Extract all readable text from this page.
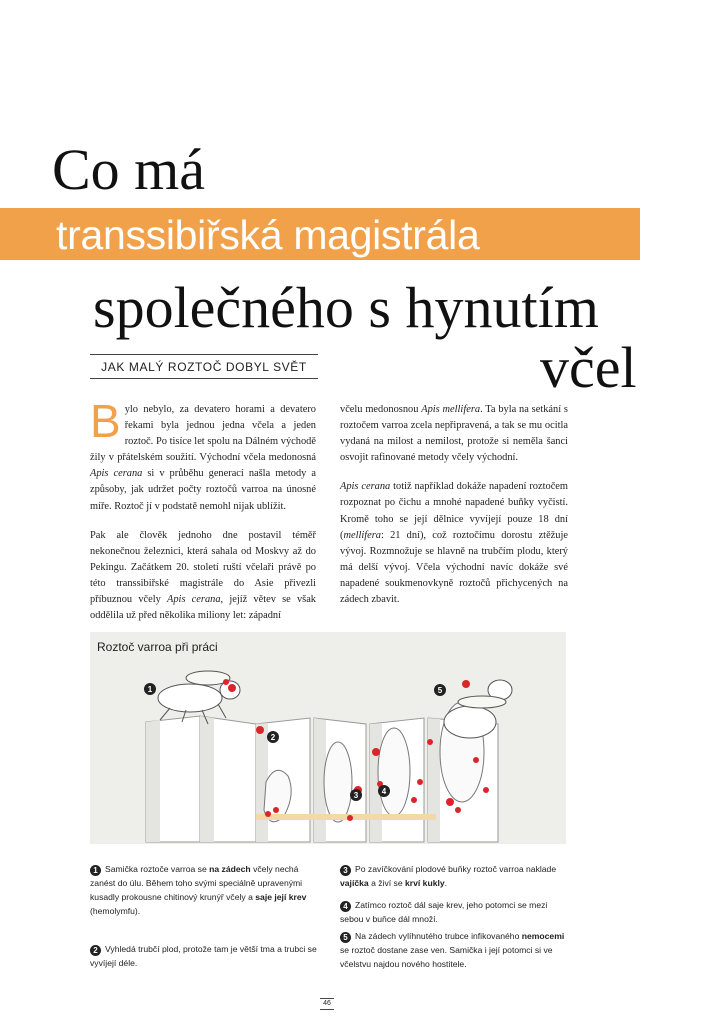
Co má
transsibiřská magistrála
společného s hynutím
včel
JAK MALÝ ROZTOČ DOBYL SVĚT

Bylo nebylo, za devatero horami a devatero řekami byla jednou jedna včela a jeden roztoč. Po tisíce let spolu na Dálném východě žily v přátelském soužití. Východní včela medonosná Apis cerana si v průběhu generací našla metody a způsoby, jak udržet počty roztočů varroa na únosné míře. Roztoč jí v podstatě nemohl nijak ublížit.

Pak ale člověk jednoho dne postavil téměř nekonečnou železnici, která sahala od Moskvy až do Pekingu. Začátkem 20. století ruští včelaři právě po této transsibiřské magistrále do Asie přivezli příbuznou včely Apis cerana, jejíž větev se však oddělila už před několika miliony let: západní

včelu medonosnou Apis mellifera. Ta byla na setkání s roztočem varroa zcela nepřipravená, a tak se mu ocitla vydaná na milost a nemilost, protože si neměla šanci osvojit rafinované metody včely východní.

Apis cerana totiž například dokáže napadení roztočem rozpoznat po čichu a mnohé napadené buňky vyčistí. Kromě toho se její dělnice vyvíjejí pouze 18 dní (mellifera: 21 dní), což roztočímu dorostu ztěžuje vývoj. Rozmnožuje se hlavně na trubčím plodu, který má delší vývoj. Včela východní navíc dokáže své napadené soukmenovkyně roztočů přichycených na zádech zbavit.

1
2
3	4
5
Roztoč varroa při práci
1 Samička roztoče varroa se na zádech včely nechá zanést do úlu. Během toho svými speciálně upravenými kusadly prokousne chitinový krunýř včely a saje její krev (hemolymfu).
2 Vyhledá trubčí plod, protože tam je větší tma a trubci se vyvíjejí déle.
3 Po zavíčkování plodové buňky roztoč varroa naklade vajíčka a živí se krví kukly.
4 Zatímco roztoč dál saje krev, jeho potomci se mezi sebou v buňce dál množí.
5 Na zádech vylíhnutého trubce infikovaného nemocemi se roztoč dostane zase ven. Samička i její potomci si ve včelstvu najdou nového hostitele.
46
